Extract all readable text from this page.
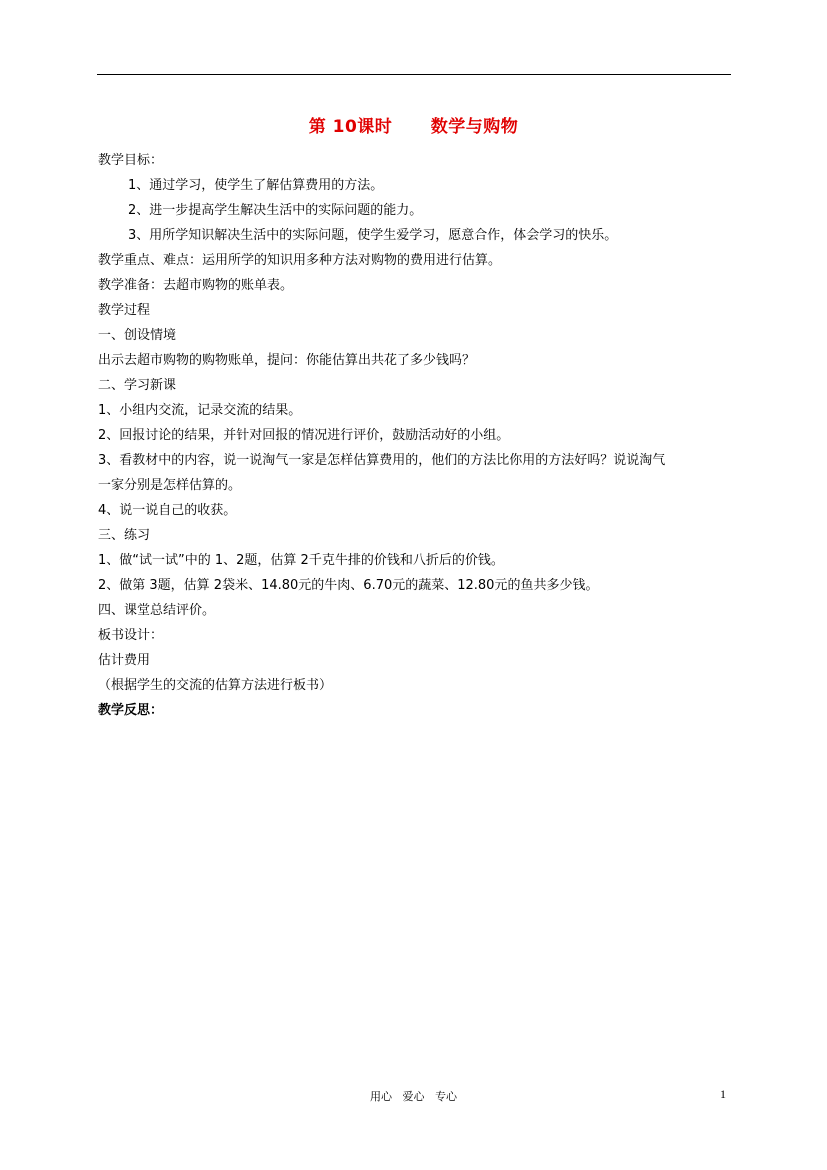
第 10课时      数学与购物
教学目标：
1、通过学习，使学生了解估算费用的方法。
2、进一步提高学生解决生活中的实际问题的能力。
3、用所学知识解决生活中的实际问题，使学生爱学习，愿意合作，体会学习的快乐。
教学重点、难点：运用所学的知识用多种方法对购物的费用进行估算。
教学准备：去超市购物的账单表。
教学过程
一、创设情境
出示去超市购物的购物账单，提问：你能估算出共花了多少钱吗？
二、学习新课
1、小组内交流，记录交流的结果。
2、回报讨论的结果，并针对回报的情况进行评价，鼓励活动好的小组。
3、看教材中的内容，说一说淘气一家是怎样估算费用的，他们的方法比你用的方法好吗？说说淘气
一家分别是怎样估算的。
4、说一说自己的收获。
三、练习
1、做“试一试”中的 1、2题，估算 2千克牛排的价钱和八折后的价钱。
2、做第 3题，估算 2袋米、14.80元的牛肉、6.70元的蔬菜、12.80元的鱼共多少钱。
四、课堂总结评价。
板书设计：
估计费用
（根据学生的交流的估算方法进行板书）
教学反思：
用心   爱心   专心	1
